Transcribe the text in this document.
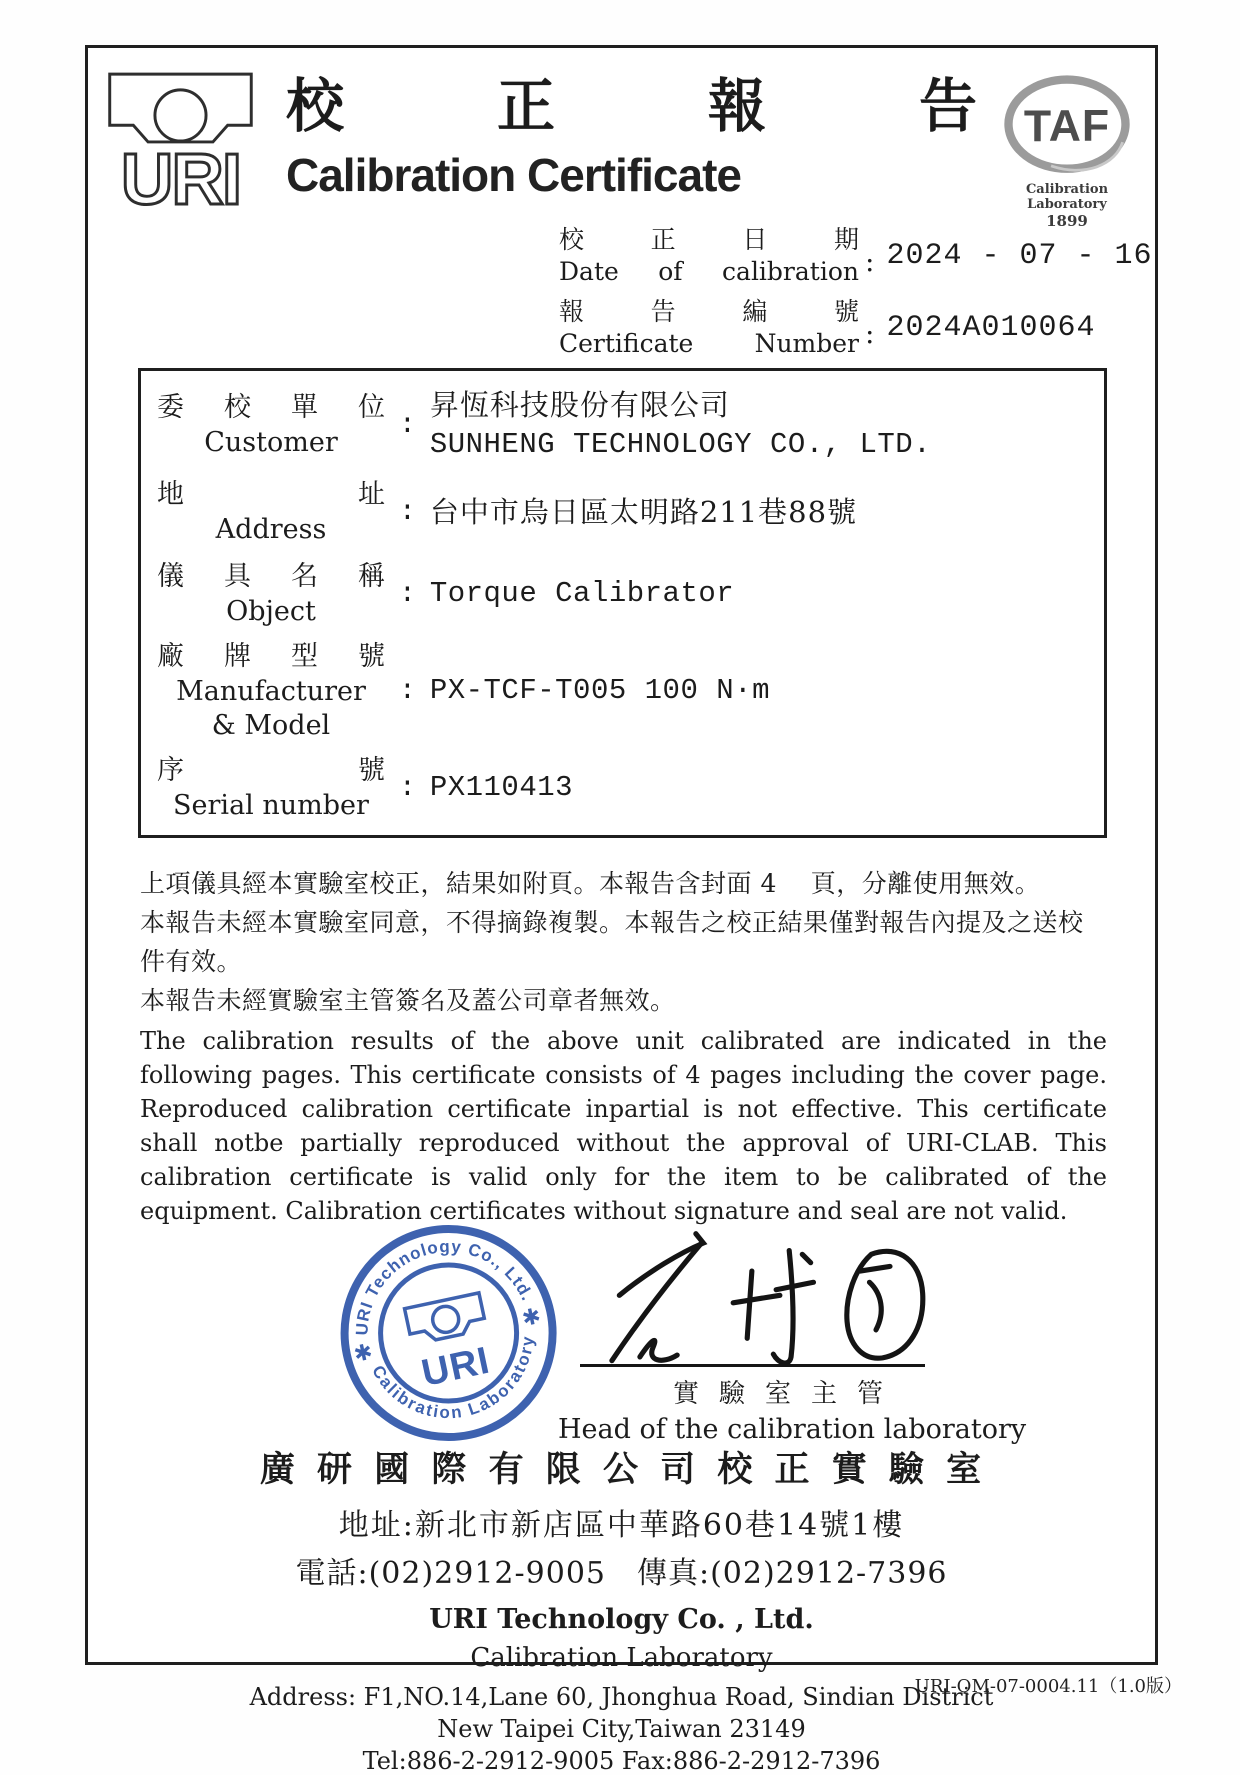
URI
校 正 報 告
Calibration Certificate
TAF
Calibration Laboratory
1899
校 正 日 期
Date of calibration : 2024 - 07 - 16
報 告 編 號
Certificate Number : 2024A010064
委 校 單 位
Customer
:
昇恆科技股份有限公司
SUNHENG TECHNOLOGY CO., LTD.
地 址
Address
: 台中市烏日區太明路211巷88號
儀 具 名 稱
Object
: Torque Calibrator
廠 牌 型 號
Manufacturer
& Model
: PX-TCF-T005 100 N·m
序 號
Serial number
: PX110413
上項儀具經本實驗室校正，結果如附頁。本報告含封面 4　 頁，分離使用無效。
本報告未經本實驗室同意，不得摘錄複製。本報告之校正結果僅對報告內提及之送校件有效。
本報告未經實驗室主管簽名及蓋公司章者無效。

The calibration results of the above unit calibrated are indicated in the following pages. This certificate consists of 4 pages including the cover page. Reproduced calibration certificate inpartial is not effective. This certificate shall notbe partially reproduced without the approval of URI-CLAB. This calibration certificate is valid only for the item to be calibrated of the equipment. Calibration certificates without signature and seal are not valid.

URI Technology Co., Ltd.
Calibration Laboratory
✱
✱
URI	實 驗 室 主 管
Head of the calibration laboratory
廣 研 國 際 有 限 公 司 校 正 實 驗 室
地址:新北市新店區中華路60巷14號1樓
電話:(02)2912-9005　傳真:(02)2912-7396
URI Technology Co. , Ltd.
Calibration Laboratory
Address: F1,NO.14,Lane 60, Jhonghua Road, Sindian District
New Taipei City,Taiwan 23149
Tel:886-2-2912-9005 Fax:886-2-2912-7396
URI-QM-07-0004.11（1.0版）
